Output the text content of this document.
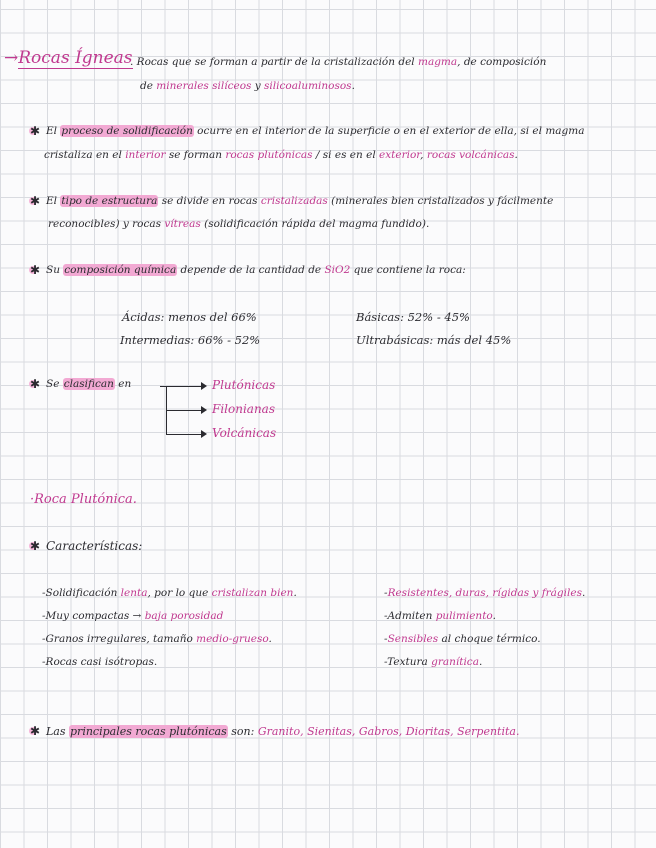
→Rocas Ígneas
. Rocas que se forman a partir de la cristalización del magma, de composición
de minerales silíceos y silicoaluminosos.
✱ El proceso de solidificación ocurre en el interior de la superficie o en el exterior de ella, si el magma
cristaliza en el interior se forman rocas plutónicas / si es en el exterior, rocas volcánicas.
✱ El tipo de estructura se divide en rocas cristalizadas (minerales bien cristalizados y fácilmente
reconocibles) y rocas vítreas (solidificación rápida del magma fundido).
✱ Su composición química depende de la cantidad de SiO2 que contiene la roca:
Ácidas: menos del 66%
Intermedias: 66% - 52%
Básicas: 52% - 45%
Ultrabásicas: más del 45%
✱ Se clasifican en	Plutónicas
Filonianas
Volcánicas
·Roca Plutónica.
✱ Características:
-Solidificación lenta, por lo que cristalizan bien.
-Muy compactas → baja porosidad
-Granos irregulares, tamaño medio-grueso.
-Rocas casi isótropas.
-Resistentes, duras, rígidas y frágiles.
-Admiten pulimiento.
-Sensibles al choque térmico.
-Textura granítica.
✱ Las principales rocas plutónicas son: Granito, Sienitas, Gabros, Dioritas, Serpentita.
